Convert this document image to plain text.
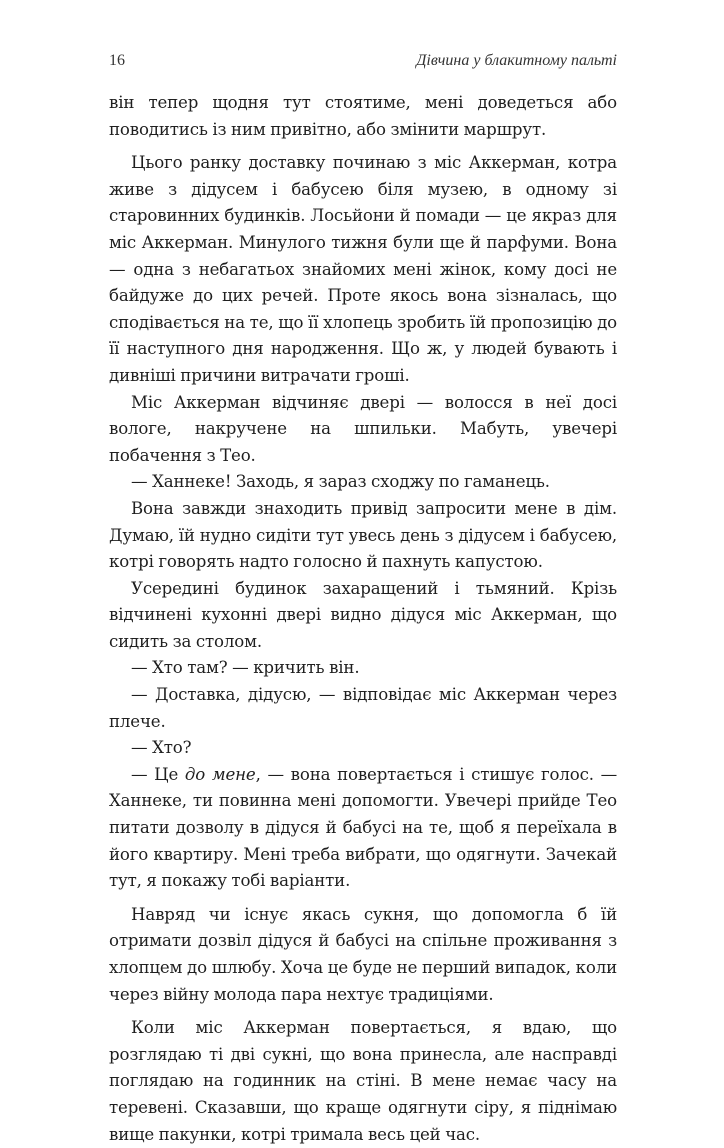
16	Дівчина у блакитному пальті

він тепер щодня тут стоятиме, мені доведеться або поводитись із ним привітно, або змінити маршрут.

Цього ранку доставку починаю з міс Аккерман, котра живе з дідусем і бабусею біля музею, в одному зі старовинних будинків. Лосьйони й помади — це якраз для міс Аккерман. Минулого тижня були ще й парфуми. Вона — одна з небагатьох знайомих мені жінок, кому досі не байдуже до цих речей. Проте якось вона зізналась, що сподівається на те, що її хлопець зробить їй пропозицію до її наступного дня народження. Що ж, у людей бувають і дивніші причини витрачати гроші.

Міс Аккерман відчиняє двері — волосся в неї досі вологе, накручене на шпильки. Мабуть, увечері побачення з Тео.

— Ханнеке! Заходь, я зараз сходжу по гаманець.

Вона завжди знаходить привід запросити мене в дім. Думаю, їй нудно сидіти тут увесь день з дідусем і бабусею, котрі говорять надто голосно й пахнуть капустою.

Усередині будинок захаращений і тьмяний. Крізь відчинені кухонні двері видно дідуся міс Аккерман, що сидить за столом.

— Хто там? — кричить він.

— Доставка, дідусю, — відповідає міс Аккерман через плече.

— Хто?

— Це до мене, — вона повертається і стишує голос. — Ханнеке, ти повинна мені допомогти. Увечері прийде Тео питати дозволу в дідуся й бабусі на те, щоб я переїхала в його квартиру. Мені треба вибрати, що одягнути. Зачекай тут, я покажу тобі варіанти.

Навряд чи існує якась сукня, що допомогла б їй отримати дозвіл дідуся й бабусі на спільне проживання з хлопцем до шлюбу. Хоча це буде не перший випадок, коли через війну молода пара нехтує традиціями.

Коли міс Аккерман повертається, я вдаю, що розглядаю ті дві сукні, що вона принесла, але насправді поглядаю на годинник на стіні. В мене немає часу на теревені. Сказавши, що краще одягнути сіру, я піднімаю вище пакунки, котрі тримала весь цей час.
